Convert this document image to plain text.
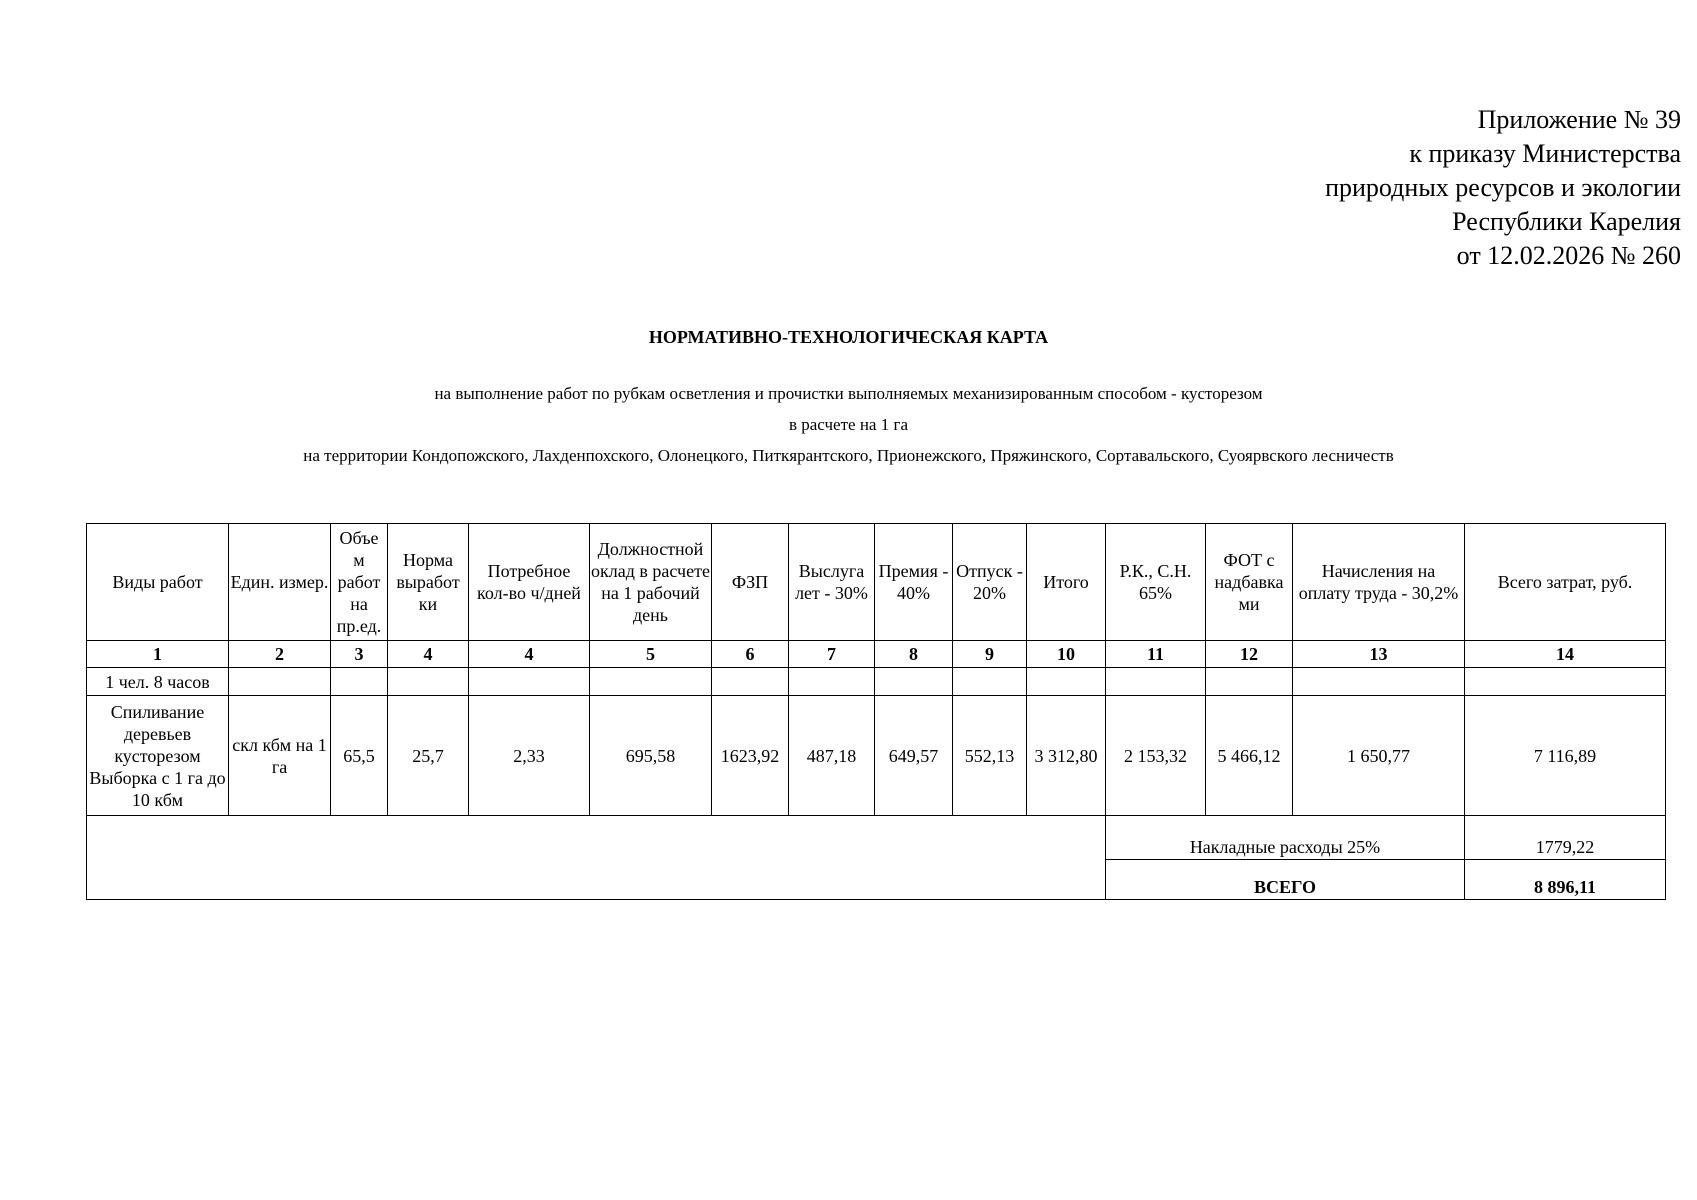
Приложение № 39
к приказу Министерства
природных ресурсов и экологии
Республики Карелия
от 12.02.2026 № 260
НОРМАТИВНО-ТЕХНОЛОГИЧЕСКАЯ КАРТА
на выполнение работ по рубкам осветления и прочистки выполняемых механизированным способом - кусторезом
в расчете на 1 га
на территории Кондопожского, Лахденпохского, Олонецкого, Питкярантского, Прионежского, Пряжинского, Сортавальского, Суоярвского лесничеств
Виды работ	Един. измер.	Объе м работ на пр.ед.	Норма выработ ки	Потребное кол-во ч/дней	Должностной оклад в расчете на 1 рабочий день	ФЗП	Выслуга лет - 30%	Премия - 40%	Отпуск - 20%	Итого	Р.К., С.Н. 65%	ФОТ с надбавка ми	Начисления на оплату труда - 30,2%	Всего затрат, руб.
1	2	3	4	4	5	6	7	8	9	10	11	12	13	14
1 чел. 8 часов														
Спиливание деревьев кусторезом Выборка с 1 га до 10 кбм	скл кбм на 1 га	65,5	25,7	2,33	695,58	1623,92	487,18	649,57	552,13	3 312,80	2 153,32	5 466,12	1 650,77	7 116,89
											Накладные расходы 25%			1779,22
											ВСЕГО			8 896,11
